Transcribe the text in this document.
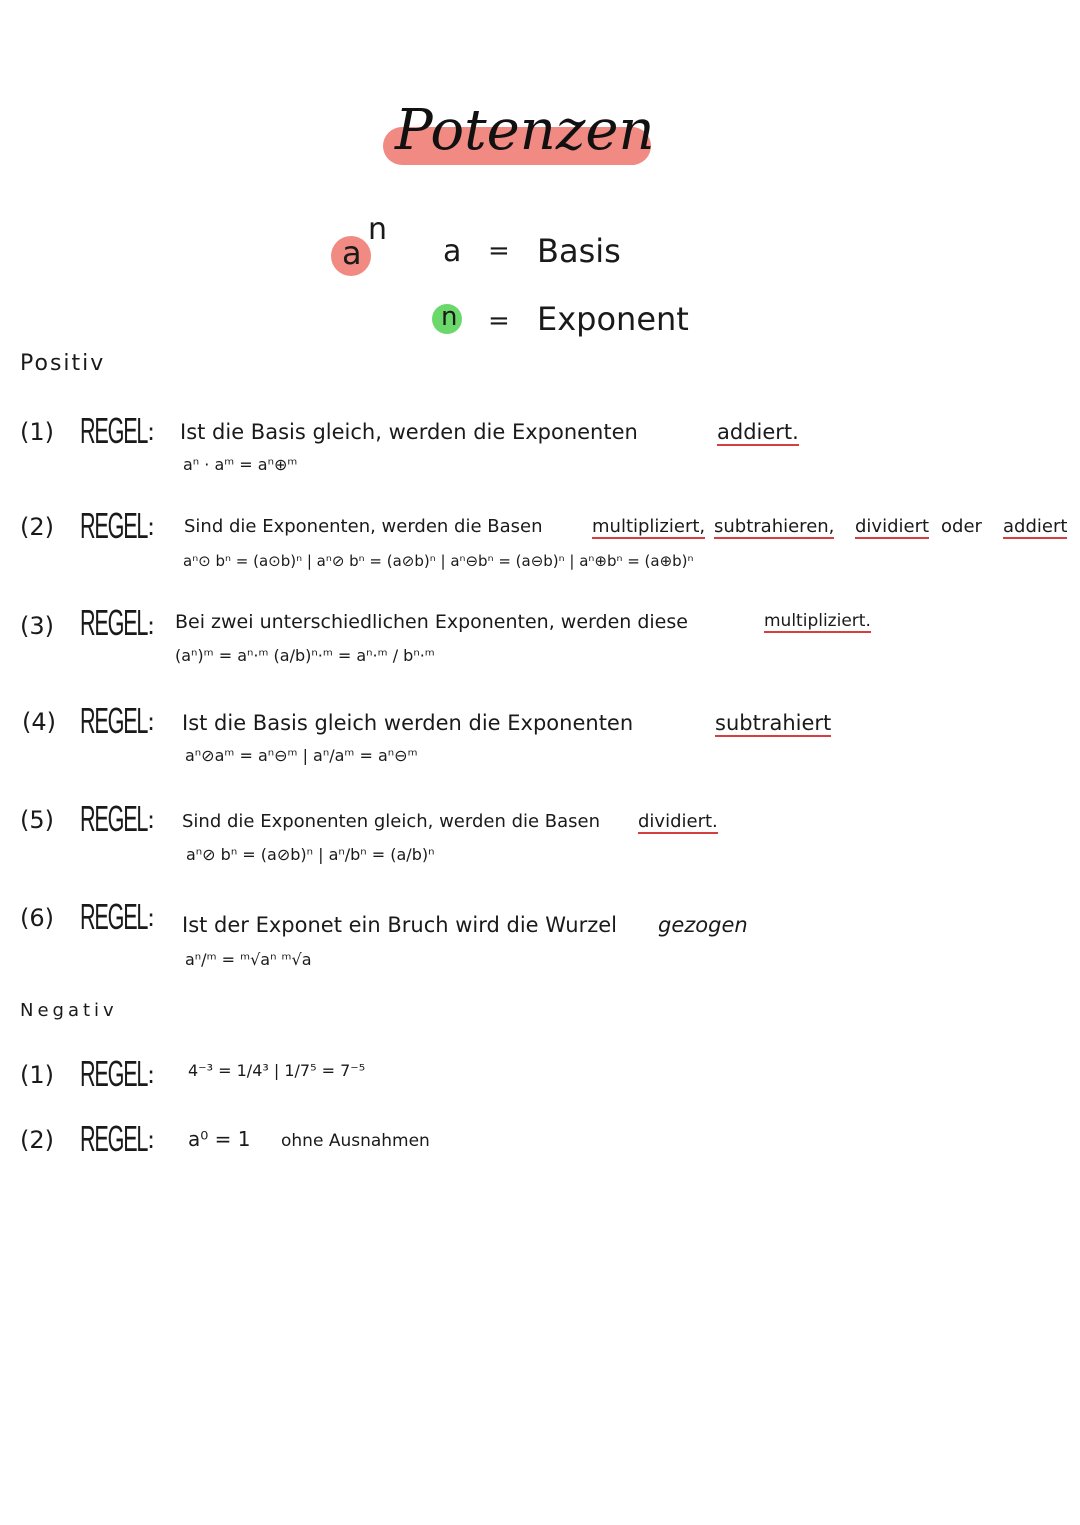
Potenzen
a
n
a = Basis
n = Exponent
Positiv
(1) REGEL : Ist die Basis gleich, werden die Exponenten	addiert.
aⁿ · aᵐ = aⁿ⊕ᵐ
(2) REGEL : Sind die Exponenten, werden die Basen	multipliziert, subtrahieren, dividiert oder addiert
aⁿ⊙ bⁿ = (a⊙b)ⁿ | aⁿ⊘ bⁿ = (a⊘b)ⁿ | aⁿ⊖bⁿ = (a⊖b)ⁿ | aⁿ⊕bⁿ = (a⊕b)ⁿ
(3) REGEL : Bei zwei unterschiedlichen Exponenten, werden diese	multipliziert.
(aⁿ)ᵐ = aⁿ·ᵐ (a/b)ⁿ·ᵐ = aⁿ·ᵐ / bⁿ·ᵐ
(4) REGEL : Ist die Basis gleich werden die Exponenten	subtrahiert
aⁿ⊘aᵐ = aⁿ⊖ᵐ | aⁿ/aᵐ = aⁿ⊖ᵐ
(5) REGEL : Sind die Exponenten gleich, werden die Basen dividiert.
aⁿ⊘ bⁿ = (a⊘b)ⁿ | aⁿ/bⁿ = (a/b)ⁿ
(6) REGEL : Ist der Exponet ein Bruch wird die Wurzel gezogen
aⁿ/ᵐ = ᵐ√aⁿ ᵐ√a
Negativ
(1) REGEL : 4⁻³ = 1/4³ | 1/7⁵ = 7⁻⁵
(2) REGEL : a⁰ = 1 ohne Ausnahmen
